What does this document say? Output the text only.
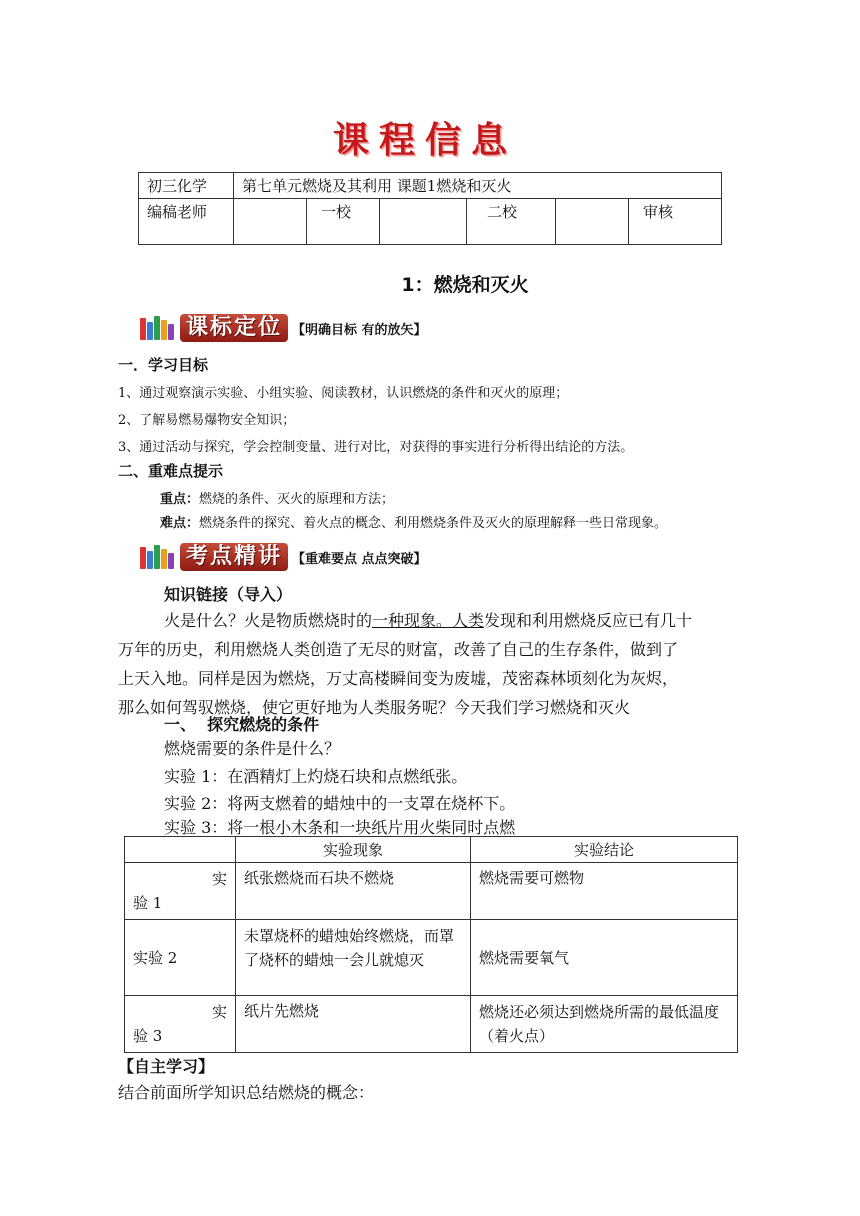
课程信息
初三化学	第七单元燃烧及其利用 课题1燃烧和灭火					
编稿老师		一校		二校		审核
1：燃烧和灭火
课标定位 【明确目标 有的放矢】
一．学习目标
1、通过观察演示实验、小组实验、阅读教材，认识燃烧的条件和灭火的原理；
2、了解易燃易爆物安全知识；
3、通过活动与探究，学会控制变量、进行对比，对获得的事实进行分析得出结论的方法。
二、重难点提示
重点：燃烧的条件、灭火的原理和方法；
难点：燃烧条件的探究、着火点的概念、利用燃烧条件及灭火的原理解释一些日常现象。
考点精讲 【重难要点 点点突破】
知识链接（导入）
火是什么？火是物质燃烧时的一种现象。人类发现和利用燃烧反应已有几十
万年的历史，利用燃烧人类创造了无尽的财富，改善了自己的生存条件，做到了
上天入地。同样是因为燃烧，万丈高楼瞬间变为废墟，茂密森林顷刻化为灰烬，
那么如何驾驭燃烧，使它更好地为人类服务呢？今天我们学习燃烧和灭火
一、  探究燃烧的条件
燃烧需要的条件是什么？
实验 1：在酒精灯上灼烧石块和点燃纸张。
实验 2：将两支燃着的蜡烛中的一支罩在烧杯下。
实验 3：将一根小木条和一块纸片用火柴同时点燃
	实验现象	实验结论

实
验 1	纸张燃烧而石块不燃烧	燃烧需要可燃物
实验 2	未罩烧杯的蜡烛始终燃烧，而罩了烧杯的蜡烛一会儿就熄灭	燃烧需要氧气

实
验 3	纸片先燃烧	燃烧还必须达到燃烧所需的最低温度（着火点）
【自主学习】
结合前面所学知识总结燃烧的概念：
